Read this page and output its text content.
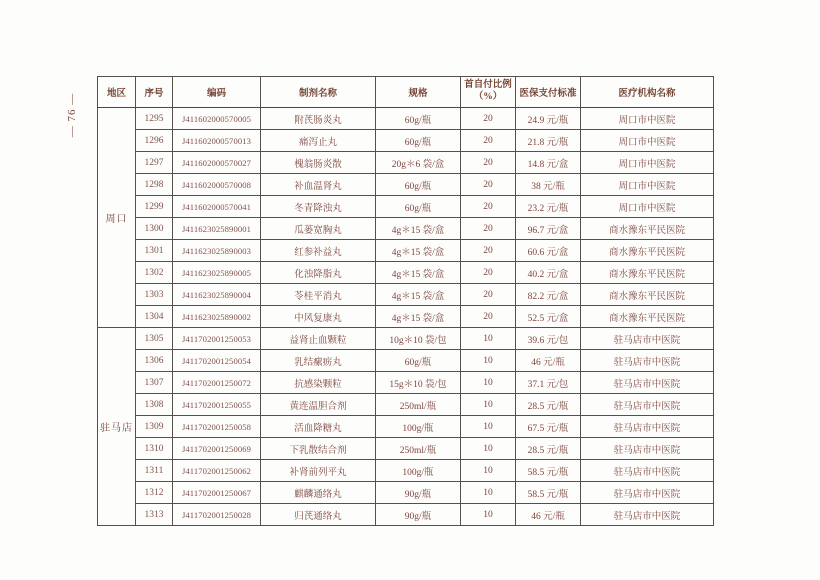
— 76 —	地区	序号	编码	制剂名称	规格	首自付比例
（%）	医保支付标准	医疗机构名称
周口	1295	J411602000570005	附芪肠炎丸	60g/瓶	20	24.9 元/瓶	周口市中医院
	1296	J411602000570013	痛泻止丸	60g/瓶	20	21.8 元/瓶	周口市中医院
	1297	J411602000570027	槐翁肠炎散	20g＊6 袋/盒	20	14.8 元/盒	周口市中医院
	1298	J411602000570008	补血温肾丸	60g/瓶	20	38 元/瓶	周口市中医院
	1299	J411602000570041	冬青降浊丸	60g/瓶	20	23.2 元/瓶	周口市中医院
	1300	J411623025890001	瓜蒌宽胸丸	4g＊15 袋/盒	20	96.7 元/盒	商水豫东平民医院
	1301	J411623025890003	红参补益丸	4g＊15 袋/盒	20	60.6 元/盒	商水豫东平民医院
	1302	J411623025890005	化浊降脂丸	4g＊15 袋/盒	20	40.2 元/盒	商水豫东平民医院
	1303	J411623025890004	苓桂平消丸	4g＊15 袋/盒	20	82.2 元/盒	商水豫东平民医院
	1304	J411623025890002	中风复康丸	4g＊15 袋/盒	20	52.5 元/盒	商水豫东平民医院
驻马店	1305	J411702001250053	益肾止血颗粒	10g＊10 袋/包	10	39.6 元/包	驻马店市中医院
	1306	J411702001250054	乳结瘰疬丸	60g/瓶	10	46 元/瓶	驻马店市中医院
	1307	J411702001250072	抗感染颗粒	15g＊10 袋/包	10	37.1 元/包	驻马店市中医院
	1308	J411702001250055	黄连温胆合剂	250ml/瓶	10	28.5 元/瓶	驻马店市中医院
	1309	J411702001250058	活血降糖丸	100g/瓶	10	67.5 元/瓶	驻马店市中医院
	1310	J411702001250069	下乳散结合剂	250ml/瓶	10	28.5 元/瓶	驻马店市中医院
	1311	J411702001250062	补肾前列平丸	100g/瓶	10	58.5 元/瓶	驻马店市中医院
	1312	J411702001250067	麒麟通络丸	90g/瓶	10	58.5 元/瓶	驻马店市中医院
	1313	J411702001250028	归芪通络丸	90g/瓶	10	46 元/瓶	驻马店市中医院
